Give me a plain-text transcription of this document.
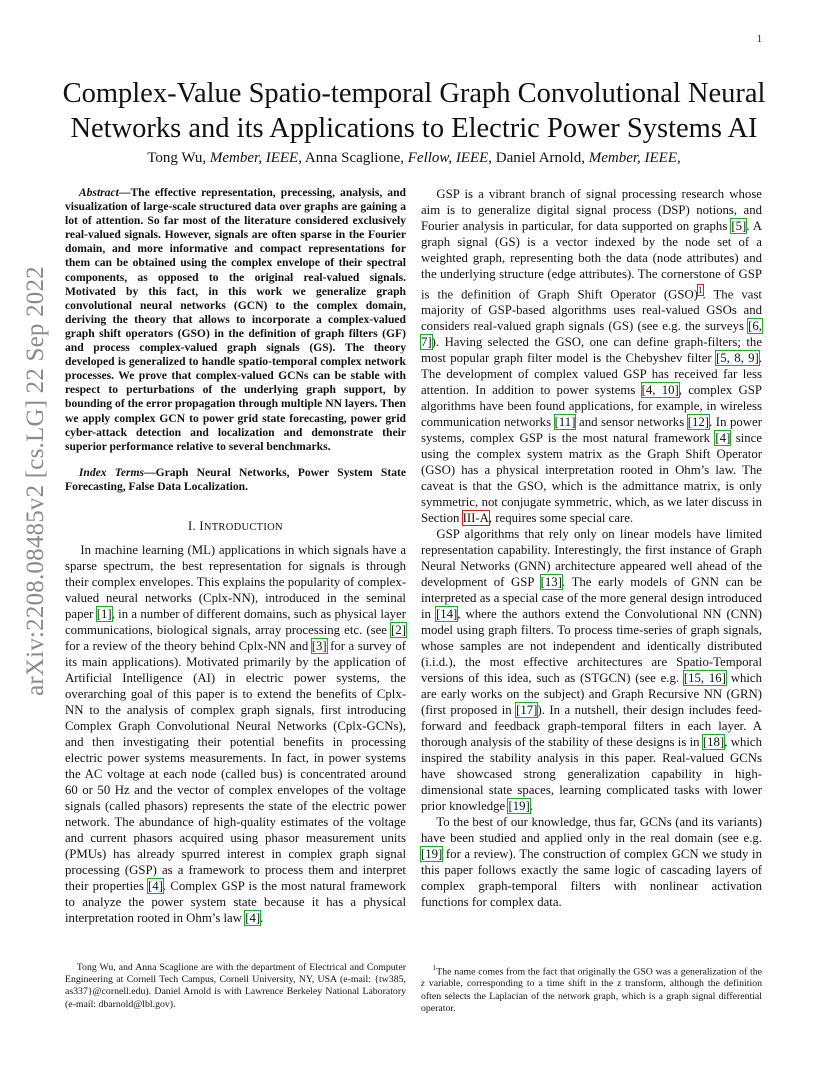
1
arXiv:2208.08485v2 [cs.LG] 22 Sep 2022
Complex-Value Spatio-temporal Graph Convolutional Neural Networks and its Applications to Electric Power Systems AI
Tong Wu, Member, IEEE, Anna Scaglione, Fellow, IEEE, Daniel Arnold, Member, IEEE,

Abstract—The effective representation, precessing, analysis, and visualization of large-scale structured data over graphs are gaining a lot of attention. So far most of the literature considered exclusively real-valued signals. However, signals are often sparse in the Fourier domain, and more informative and compact representations for them can be obtained using the complex envelope of their spectral components, as opposed to the original real-valued signals. Motivated by this fact, in this work we generalize graph convolutional neural networks (GCN) to the complex domain, deriving the theory that allows to incorporate a complex-valued graph shift operators (GSO) in the definition of graph filters (GF) and process complex-valued graph signals (GS). The theory developed is generalized to handle spatio-temporal complex network processes. We prove that complex-valued GCNs can be stable with respect to perturbations of the underlying graph support, by bounding of the error propagation through multiple NN layers. Then we apply complex GCN to power grid state forecasting, power grid cyber-attack detection and localization and demonstrate their superior performance relative to several benchmarks.

Index Terms—Graph Neural Networks, Power System State Forecasting, False Data Localization.

I. INTRODUCTION

In machine learning (ML) applications in which signals have a sparse spectrum, the best representation for signals is through their complex envelopes. This explains the popularity of complex-valued neural networks (Cplx-NN), introduced in the seminal paper [1], in a number of different domains, such as physical layer communications, biological signals, array processing etc. (see [2] for a review of the theory behind Cplx-NN and [3] for a survey of its main applications). Motivated primarily by the application of Artificial Intelligence (AI) in electric power systems, the overarching goal of this paper is to extend the benefits of Cplx-NN to the analysis of complex graph signals, first introducing Complex Graph Convolutional Neural Networks (Cplx-GCNs), and then investigating their potential benefits in processing electric power systems measurements. In fact, in power systems the AC voltage at each node (called bus) is concentrated around 60 or 50 Hz and the vector of complex envelopes of the voltage signals (called phasors) represents the state of the electric power network. The abundance of high-quality estimates of the voltage and current phasors acquired using phasor measurement units (PMUs) has already spurred interest in complex graph signal processing (GSP) as a framework to process them and interpret their properties [4]. Complex GSP is the most natural framework to analyze the power system state because it has a physical interpretation rooted in Ohm’s law [4].

GSP is a vibrant branch of signal processing research whose aim is to generalize digital signal process (DSP) notions, and Fourier analysis in particular, for data supported on graphs [5]. A graph signal (GS) is a vector indexed by the node set of a weighted graph, representing both the data (node attributes) and the underlying structure (edge attributes). The cornerstone of GSP is the definition of Graph Shift Operator (GSO)$^1$. The vast majority of GSP-based algorithms uses real-valued GSOs and considers real-valued graph signals (GS) (see e.g. the surveys [6, 7]). Having selected the GSO, one can define graph-filters; the most popular graph filter model is the Chebyshev filter [5, 8, 9]. The development of complex valued GSP has received far less attention. In addition to power systems [4, 10], complex GSP algorithms have been found applications, for example, in wireless communication networks [11] and sensor networks [12]. In power systems, complex GSP is the most natural framework [4] since using the complex system matrix as the Graph Shift Operator (GSO) has a physical interpretation rooted in Ohm’s law. The caveat is that the GSO, which is the admittance matrix, is only symmetric, not conjugate symmetric, which, as we later discuss in Section III-A, requires some special care.

GSP algorithms that rely only on linear models have limited representation capability. Interestingly, the first instance of Graph Neural Networks (GNN) architecture appeared well ahead of the development of GSP [13]. The early models of GNN can be interpreted as a special case of the more general design introduced in [14], where the authors extend the Convolutional NN (CNN) model using graph filters. To process time-series of graph signals, whose samples are not independent and identically distributed (i.i.d.), the most effective architectures are Spatio-Temporal versions of this idea, such as (STGCN) (see e.g. [15, 16] which are early works on the subject) and Graph Recursive NN (GRN) (first proposed in [17]). In a nutshell, their design includes feed-forward and feedback graph-temporal filters in each layer. A thorough analysis of the stability of these designs is in [18], which inspired the stability analysis in this paper. Real-valued GCNs have showcased strong generalization capability in high-dimensional state spaces, learning complicated tasks with lower prior knowledge [19].

To the best of our knowledge, thus far, GCNs (and its variants) have been studied and applied only in the real domain (see e.g. [19] for a review). The construction of complex GCN we study in this paper follows exactly the same logic of cascading layers of complex graph-temporal filters with nonlinear activation functions for complex data.

Tong Wu, and Anna Scaglione are with the department of Electrical and Computer Engineering at Cornell Tech Campus, Cornell University, NY, USA (e-mail: {tw385, as337}@cornell.edu). Daniel Arnold is with Lawrence Berkeley National Laboratory (e-mail: dbarnold@lbl.gov).
$^1$The name comes from the fact that originally the GSO was a generalization of the z variable, corresponding to a time shift in the z transform, although the definition often selects the Laplacian of the network graph, which is a graph signal differential operator.
